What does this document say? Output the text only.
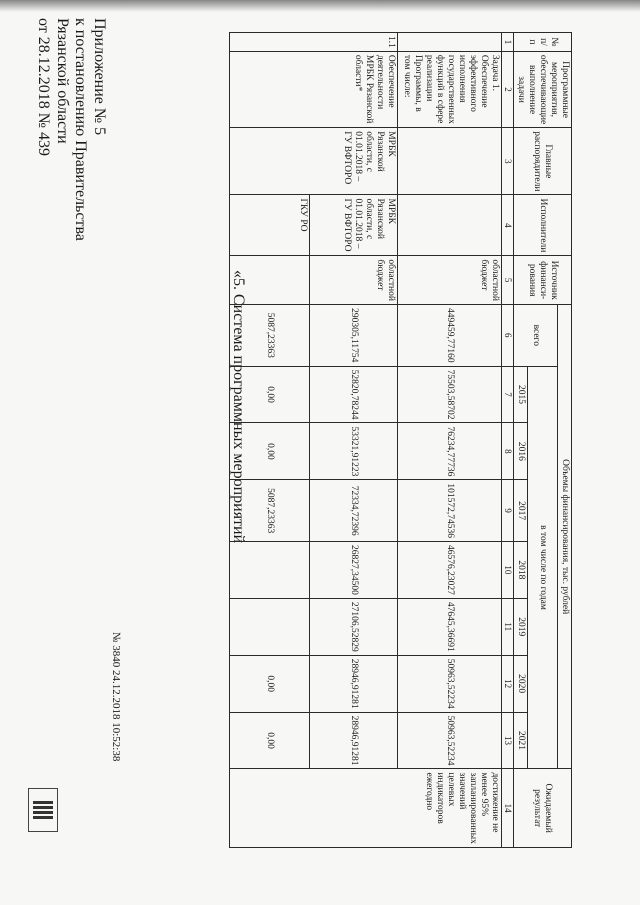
Приложение № 5
к постановлению Правительства
Рязанской области
от 28.12.2018 № 439
«5. Система программных мероприятий
№ 3840 24.12.2018 10:52:38
№ п/п	Программные мероприятия, обеспечивающие выполнение задачи	Главные распорядители	Исполнители	Источник финанси-рования	Объемы финансирования, тыс. рублей								Ожидаемый результат
					всего	в том числе по годам							
						2015	2016	2017	2018	2019	2020	2021	
1	2	3	4	5	6	7	8	9	10	11	12	13	14
	Задача 1. Обеспечение эффективного исполнения государственных функций в сфере реализации Программы, в том числе:			областной бюджет	449459,77160	75503,58702	76234,77736	101572,74536	46576,23027	47645,36691	50963,52234	50963,52234	достижение не менее 95% запланированных значений целевых индикаторов ежегодно
1.1	Обеспечение деятельности МРБК Рязанской области*	МРБК Рязанской области, с 01.01.2018 – ГУ ВФТОРО	МРБК Рязанской области, с 01.01.2018 – ГУ ВФТОРО	областной бюджет	290305,11754	52820,78244	53321,91223	72334,72396	26827,34500	27106,52829	28946,91281	28946,91281	
			ГКУ РО		5087,23363	0,00	0,00	5087,23363			0,00	0,00	
